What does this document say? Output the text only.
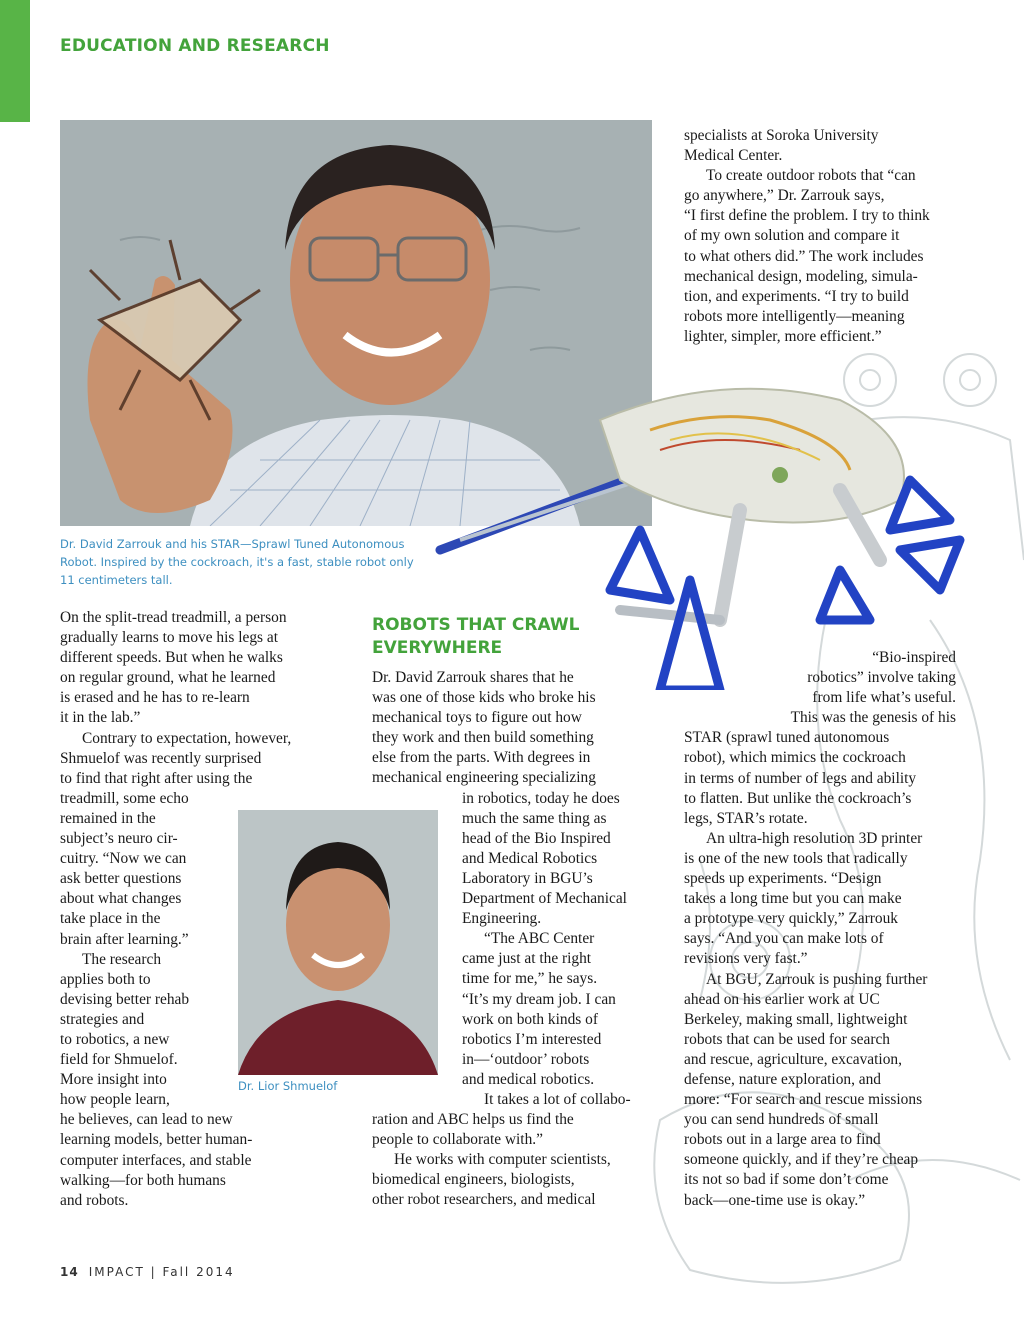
EDUCATION AND RESEARCH
Dr. David Zarrouk and his STAR—Sprawl Tuned Autonomous Robot. Inspired by the cockroach, it's a fast, stable robot only 11 centimeters tall.
Dr. Lior Shmuelof
On the split-tread treadmill, a person
gradually learns to move his legs at
different speeds. But when he walks
on regular ground, what he learned
is erased and he has to re-learn
it in the lab.”
Contrary to expectation, however,
Shmuelof was recently surprised
to find that right after using the
treadmill, some echo
remained in the
subject’s neuro cir-
cuitry. “Now we can
ask better questions
about what changes
take place in the
brain after learning.”
The research
applies both to
devising better rehab
strategies and
to robotics, a new
field for Shmuelof.
More insight into
how people learn,
he believes, can lead to new
learning models, better human-
computer interfaces, and stable
walking—for both humans
and robots.
ROBOTS THAT CRAWL EVERYWHERE
Dr. David Zarrouk shares that he
was one of those kids who broke his
mechanical toys to figure out how
they work and then build something
else from the parts. With degrees in
mechanical engineering specializing
in robotics, today he does
much the same thing as
head of the Bio Inspired
and Medical Robotics
Laboratory in BGU’s
Department of Mechanical
Engineering.
“The ABC Center
came just at the right
time for me,” he says.
“It’s my dream job. I can
work on both kinds of
robotics I’m interested
in—‘outdoor’ robots
and medical robotics.
It takes a lot of collabo-
ration and ABC helps us find the
people to collaborate with.”
He works with computer scientists,
biomedical engineers, biologists,
other robot researchers, and medical
specialists at Soroka University
Medical Center.
To create outdoor robots that “can
go anywhere,” Dr. Zarrouk says,
“I first define the problem. I try to think
of my own solution and compare it
to what others did.” The work includes
mechanical design, modeling, simula-
tion, and experiments. “I try to build
robots more intelligently—meaning
lighter, simpler, more efficient.”
“Bio-inspired
robotics” involve taking
from life what’s useful.
This was the genesis of his
STAR (sprawl tuned autonomous
robot), which mimics the cockroach
in terms of number of legs and ability
to flatten. But unlike the cockroach’s
legs, STAR’s rotate.
An ultra-high resolution 3D printer
is one of the new tools that radically
speeds up experiments. “Design
takes a long time but you can make
a prototype very quickly,” Zarrouk
says. “And you can make lots of
revisions very fast.”
At BGU, Zarrouk is pushing further
ahead on his earlier work at UC
Berkeley, making small, lightweight
robots that can be used for search
and rescue, agriculture, excavation,
defense, nature exploration, and
more: “For search and rescue missions
you can send hundreds of small
robots out in a large area to find
someone quickly, and if they’re cheap
its not so bad if some don’t come
back—one-time use is okay.”
14 IMPACT | Fall 2014
